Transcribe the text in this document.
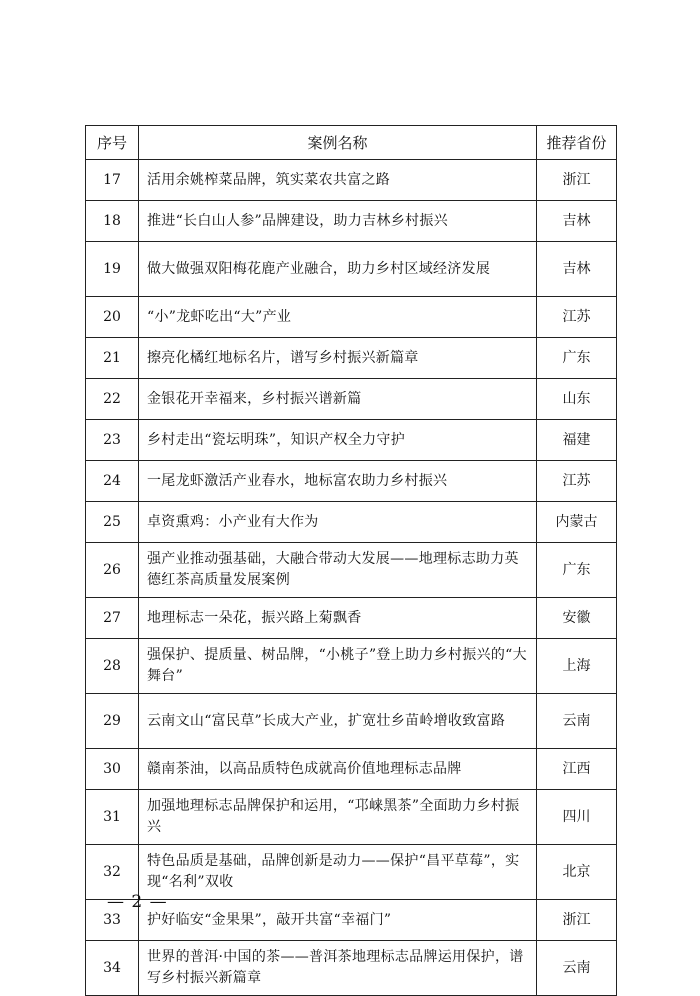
序号	案例名称	推荐省份
17	活用余姚榨菜品牌，筑实菜农共富之路	浙江
18	推进“长白山人参”品牌建设，助力吉林乡村振兴	吉林
19	做大做强双阳梅花鹿产业融合，助力乡村区域经济发展	吉林
20	“小”龙虾吃出“大”产业	江苏
21	擦亮化橘红地标名片，谱写乡村振兴新篇章	广东
22	金银花开幸福来，乡村振兴谱新篇	山东
23	乡村走出“瓷坛明珠”，知识产权全力守护	福建
24	一尾龙虾激活产业春水，地标富农助力乡村振兴	江苏
25	卓资熏鸡：小产业有大作为	内蒙古
26	强产业推动强基础，大融合带动大发展——地理标志助力英德红茶高质量发展案例	广东
27	地理标志一朵花，振兴路上菊飘香	安徽
28	强保护、提质量、树品牌，“小桃子”登上助力乡村振兴的“大舞台”	上海
29	云南文山“富民草”长成大产业，扩宽壮乡苗岭增收致富路	云南
30	赣南茶油，以高品质特色成就高价值地理标志品牌	江西
31	加强地理标志品牌保护和运用，“邛崃黑茶”全面助力乡村振兴	四川
32	特色品质是基础，品牌创新是动力——保护“昌平草莓”，实现“名利”双收	北京
33	护好临安“金果果”，敲开共富“幸福门”	浙江
34	世界的普洱·中国的茶——普洱茶地理标志品牌运用保护，谱写乡村振兴新篇章	云南
— 2 —
